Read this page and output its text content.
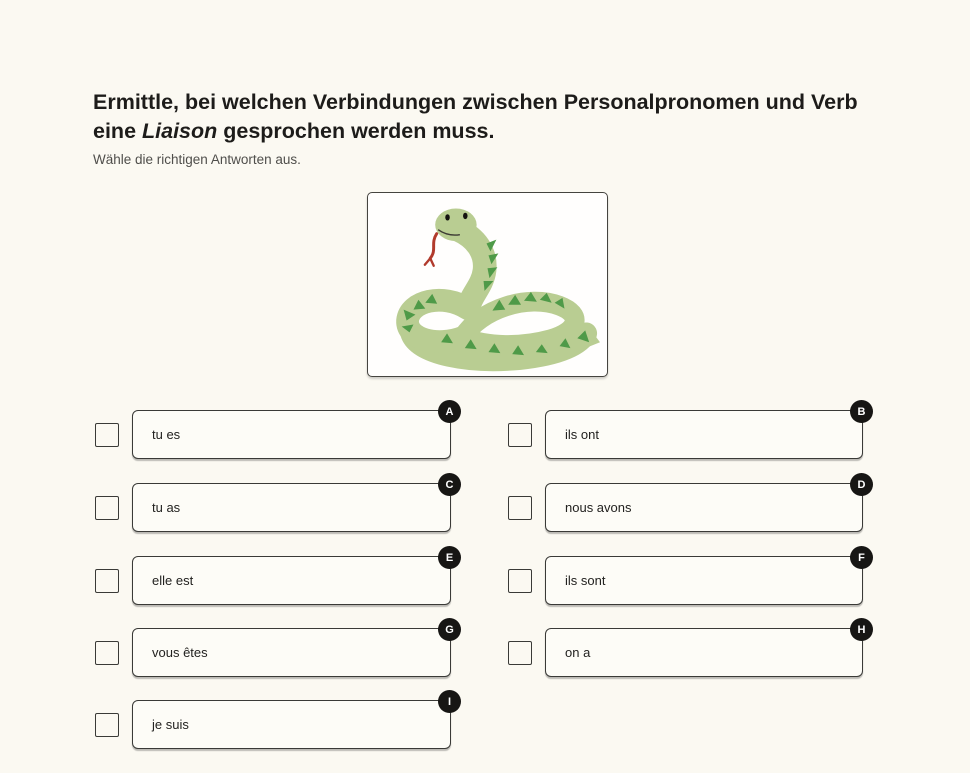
Ermittle, bei welchen Verbindungen zwischen Personalpronomen und Verb eine Liaison gesprochen werden muss.

Wähle die richtigen Antworten aus.

A
tu es
B
ils ont
C
tu as
D
nous avons
E
elle est
F
ils sont
G
vous êtes
H
on a
I
je suis
